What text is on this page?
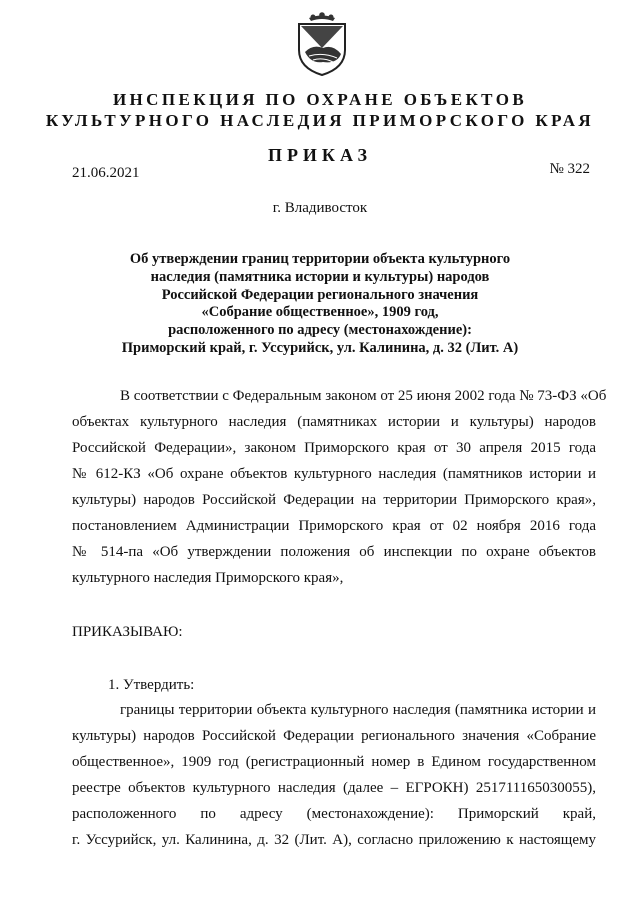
ИНСПЕКЦИЯ ПО ОХРАНЕ ОБЪЕКТОВ
КУЛЬТУРНОГО НАСЛЕДИЯ ПРИМОРСКОГО КРАЯ
ПРИКАЗ
21.06.2021	№ 322
г. Владивосток
Об утверждении границ территории объекта культурного
наследия (памятника истории и культуры) народов
Российской Федерации регионального значения
«Собрание общественное», 1909 год,
расположенного по адресу (местонахождение):
Приморский край, г. Уссурийск, ул. Калинина, д. 32 (Лит. А)
В соответствии с Федеральным законом от 25 июня 2002 года № 73-ФЗ «Об
объектах культурного наследия (памятниках истории и культуры) народов
Российской Федерации», законом Приморского края от 30 апреля 2015 года
№ 612-КЗ «Об охране объектов культурного наследия (памятников истории и
культуры) народов Российской Федерации на территории Приморского края»,
постановлением Администрации Приморского края от 02 ноября 2016 года
№ 514-па «Об утверждении положения об инспекции по охране объектов
культурного наследия Приморского края»,
ПРИКАЗЫВАЮ:
1. Утвердить:
границы территории объекта культурного наследия (памятника истории и
культуры) народов Российской Федерации регионального значения «Собрание
общественное», 1909 год (регистрационный номер в Едином государственном
реестре объектов культурного наследия (далее – ЕГРОКН) 251711165030055),
расположенного по адресу (местонахождение): Приморский край,
г. Уссурийск, ул. Калинина, д. 32 (Лит. А), согласно приложению к настоящему
